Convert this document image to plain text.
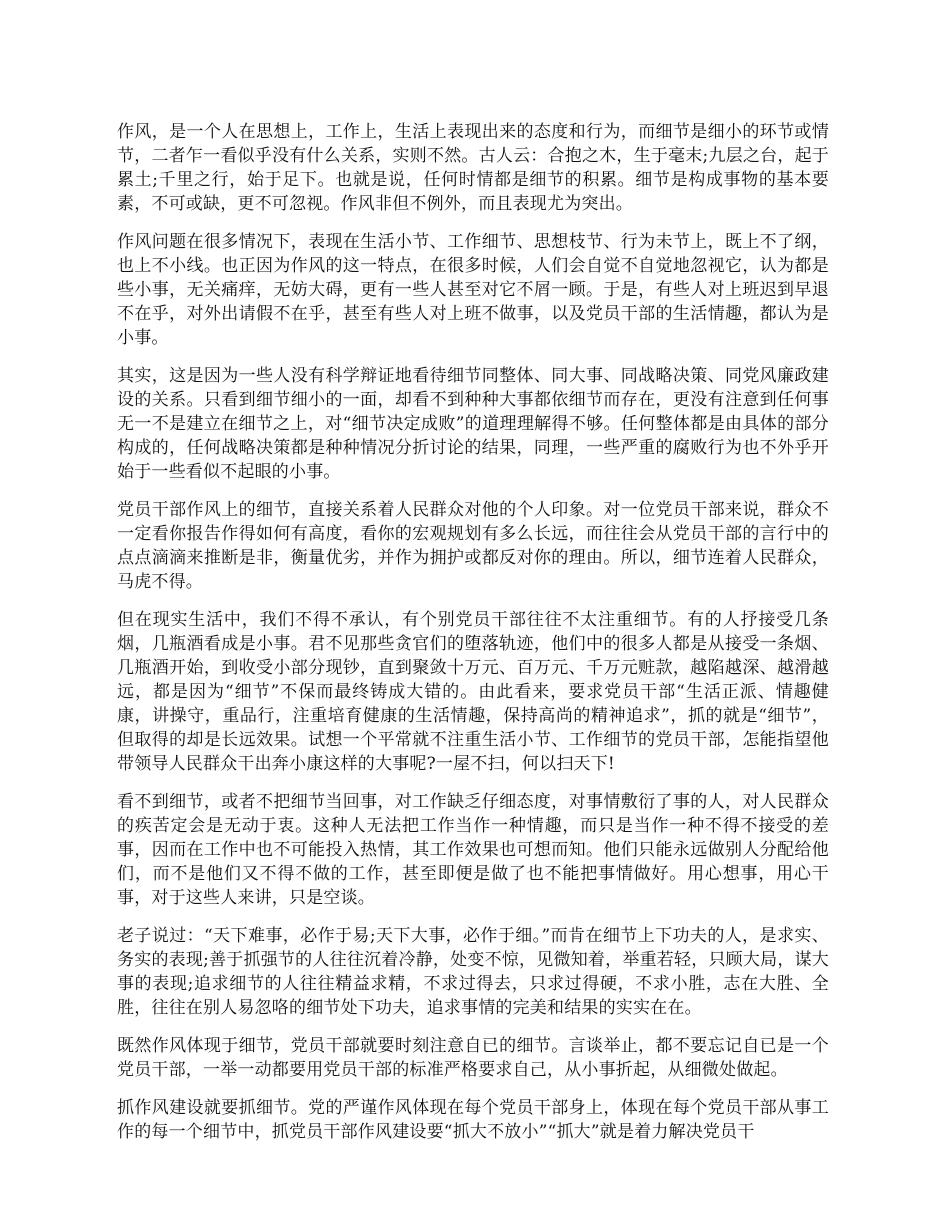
作风，是一个人在思想上，工作上，生活上表现出来的态度和行为，而细节是细小的环节或情节，二者乍一看似乎没有什么关系，实则不然。古人云：合抱之木，生于毫末;九层之台，起于累土;千里之行，始于足下。也就是说，任何时情都是细节的积累。细节是构成事物的基本要素，不可或缺，更不可忽视。作风非但不例外，而且表现尤为突出。

作风问题在很多情况下，表现在生活小节、工作细节、思想枝节、行为未节上，既上不了纲，也上不小线。也正因为作风的这一特点，在很多时候，人们会自觉不自觉地忽视它，认为都是些小事，无关痛痒，无妨大碍，更有一些人甚至对它不屑一顾。于是，有些人对上班迟到早退不在乎，对外出请假不在乎，甚至有些人对上班不做事，以及党员干部的生活情趣，都认为是小事。

其实，这是因为一些人没有科学辩证地看待细节同整体、同大事、同战略决策、同党风廉政建设的关系。只看到细节细小的一面，却看不到种种大事都依细节而存在，更没有注意到任何事无一不是建立在细节之上，对“细节决定成败”的道理理解得不够。任何整体都是由具体的部分构成的，任何战略决策都是种种情况分折讨论的结果，同理，一些严重的腐败行为也不外乎开始于一些看似不起眼的小事。

党员干部作风上的细节，直接关系着人民群众对他的个人印象。对一位党员干部来说，群众不一定看你报告作得如何有高度，看你的宏观规划有多么长远，而往往会从党员干部的言行中的点点滴滴来推断是非，衡量优劣，并作为拥护或都反对你的理由。所以，细节连着人民群众，马虎不得。

但在现实生活中，我们不得不承认，有个别党员干部往往不太注重细节。有的人抒接受几条烟，几瓶酒看成是小事。君不见那些贪官们的堕落轨迹，他们中的很多人都是从接受一条烟、几瓶酒开始，到收受小部分现钞，直到聚敛十万元、百万元、千万元赃款，越陷越深、越滑越远，都是因为“细节”不保而最终铸成大错的。由此看来，要求党员干部“生活正派、情趣健康，讲操守，重品行，注重培育健康的生活情趣，保持高尚的精神追求”，抓的就是“细节”，但取得的却是长远效果。试想一个平常就不注重生活小节、工作细节的党员干部，怎能指望他带领导人民群众干出奔小康这样的大事呢?一屋不扫，何以扫天下!

看不到细节，或者不把细节当回事，对工作缺乏仔细态度，对事情敷衍了事的人，对人民群众的疾苦定会是无动于衷。这种人无法把工作当作一种情趣，而只是当作一种不得不接受的差事，因而在工作中也不可能投入热情，其工作效果也可想而知。他们只能永远做别人分配给他们，而不是他们又不得不做的工作，甚至即便是做了也不能把事情做好。用心想事，用心干事，对于这些人来讲，只是空谈。

老子说过：“天下难事，必作于易;天下大事，必作于细。”而肯在细节上下功夫的人，是求实、务实的表现;善于抓强节的人往往沉着冷静，处变不惊，见微知着，举重若轻，只顾大局，谋大事的表现;追求细节的人往往精益求精，不求过得去，只求过得硬，不求小胜，志在大胜、全胜，往往在别人易忽咯的细节处下功夫，追求事情的完美和结果的实实在在。

既然作风体现于细节，党员干部就要时刻注意自已的细节。言谈举止，都不要忘记自已是一个党员干部，一举一动都要用党员干部的标准严格要求自己，从小事折起，从细微处做起。

抓作风建设就要抓细节。党的严谨作风体现在每个党员干部身上，体现在每个党员干部从事工作的每一个细节中，抓党员干部作风建设要“抓大不放小”“抓大”就是着力解决党员干
